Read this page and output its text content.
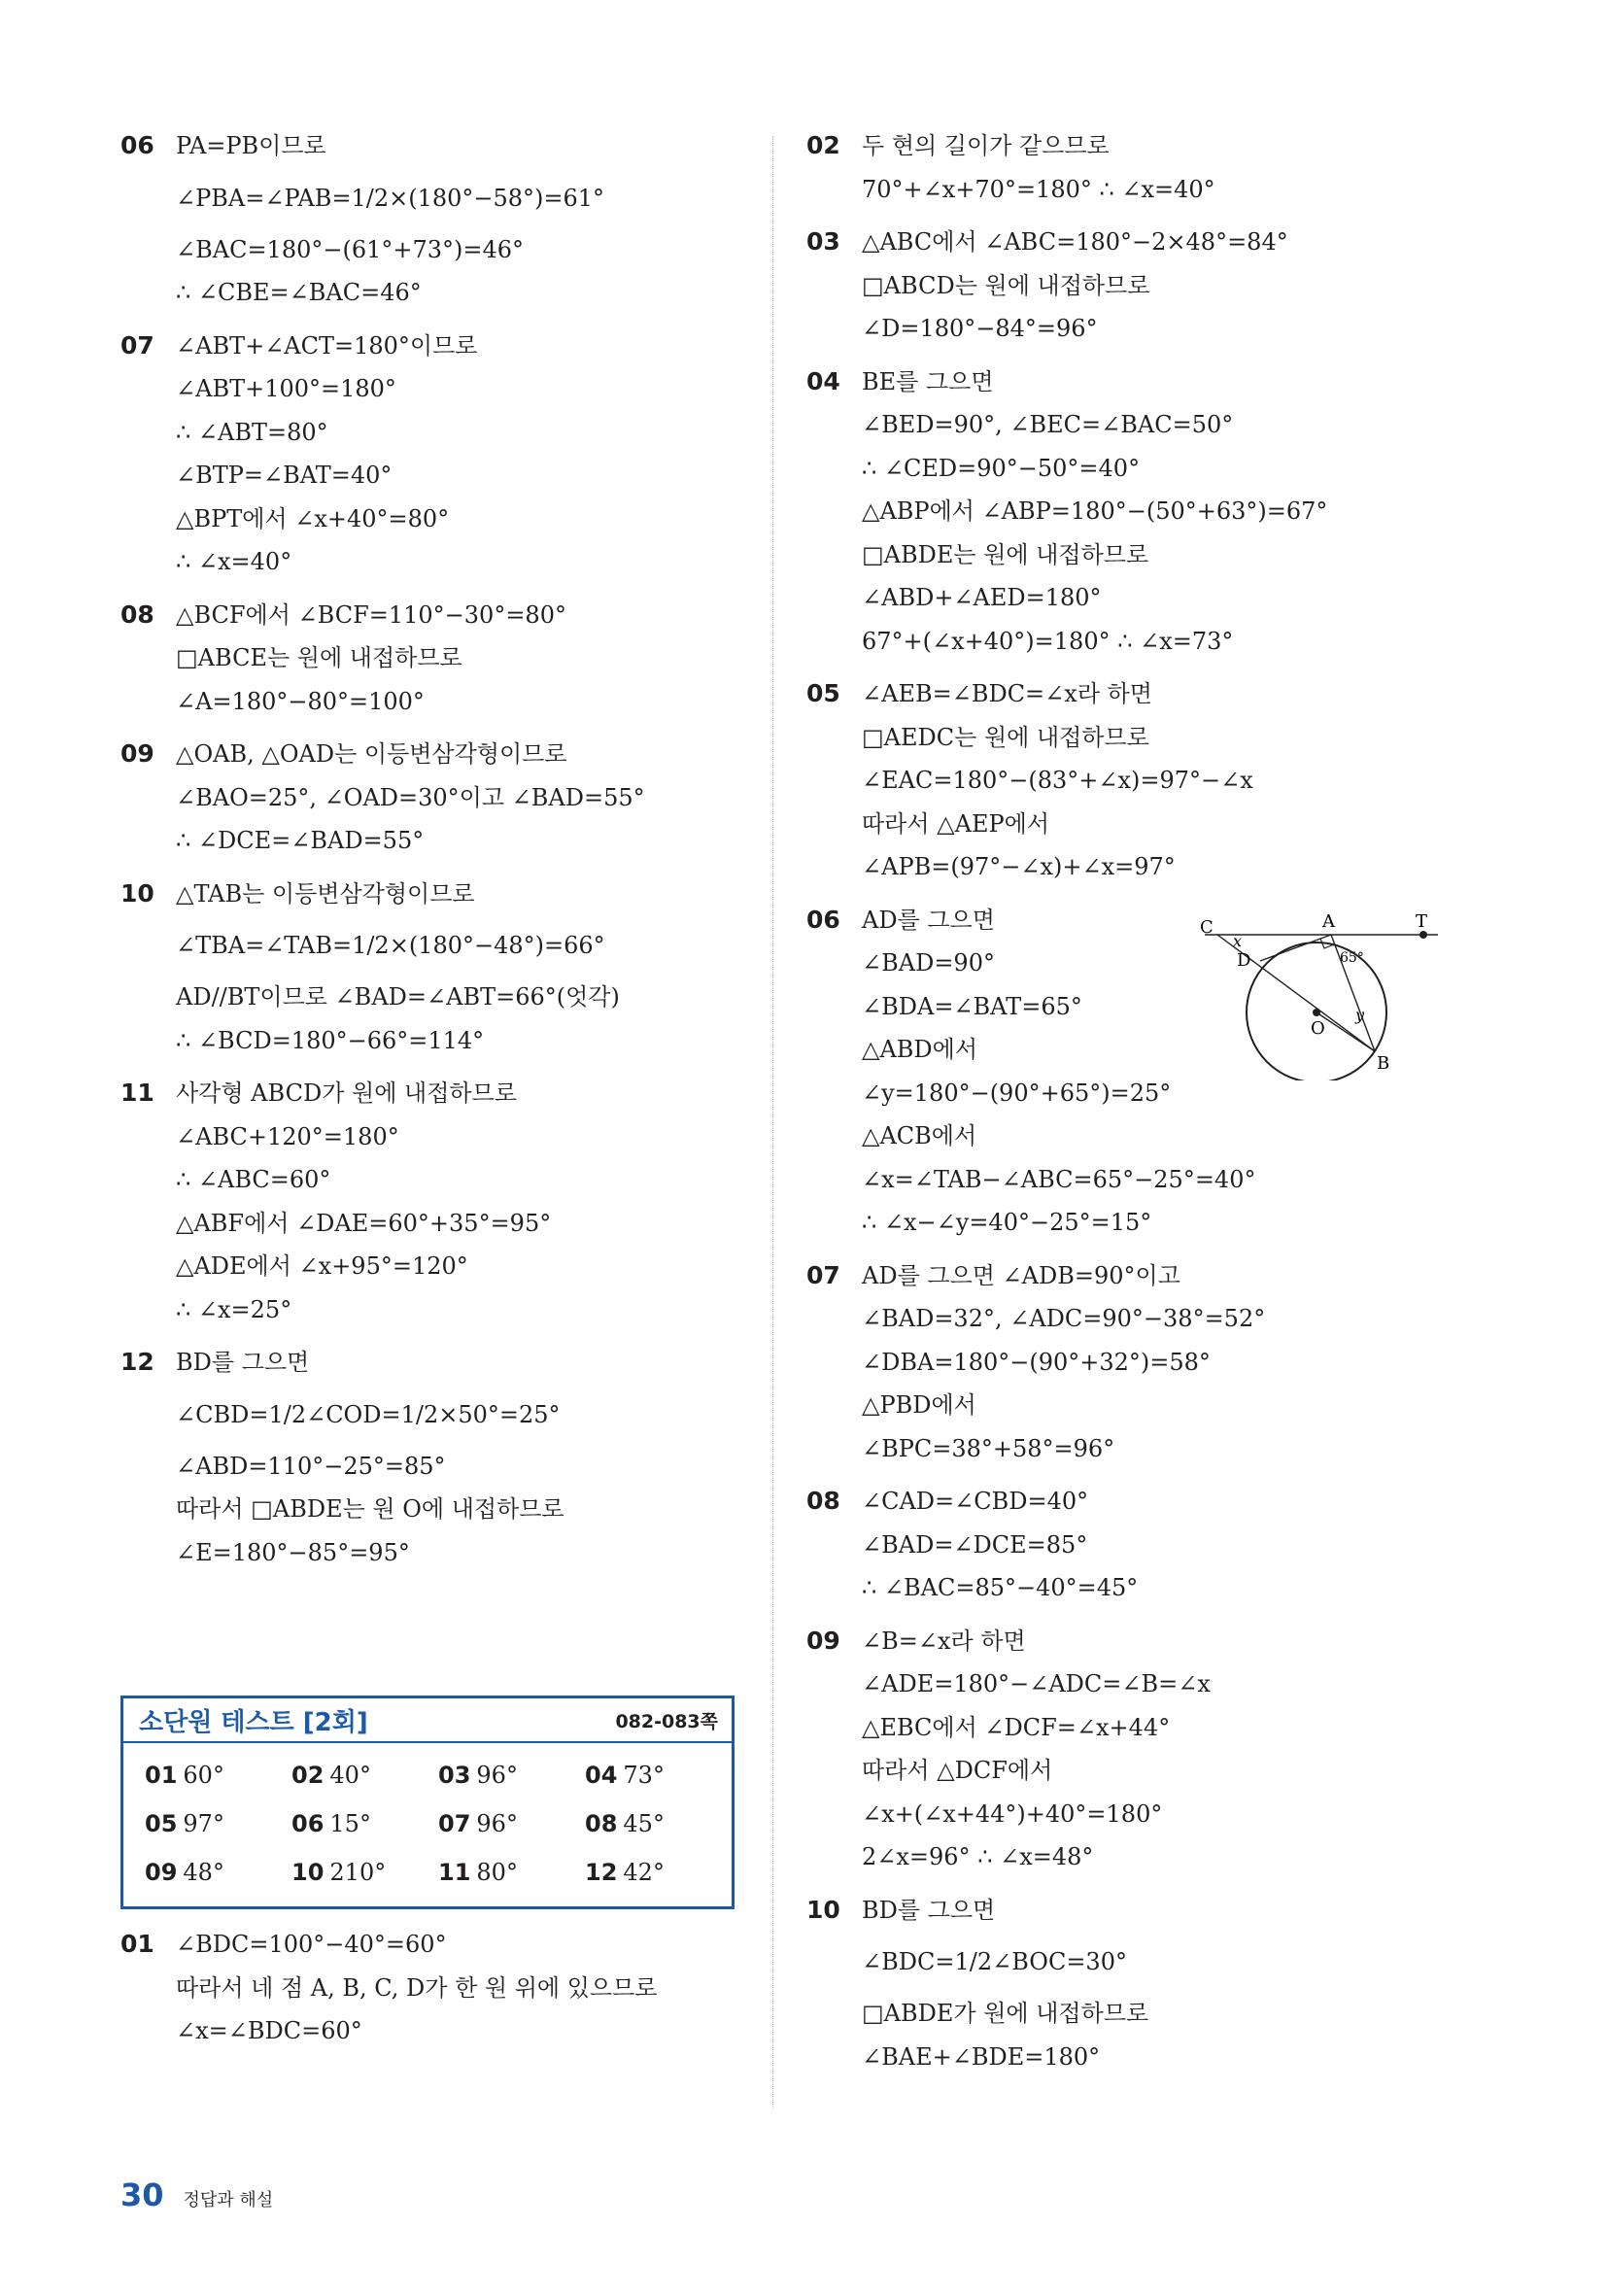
06 PA=PB이므로
∠PBA=∠PAB=1/2×(180°−58°)=61°
∠BAC=180°−(61°+73°)=46°
∴ ∠CBE=∠BAC=46°
07 ∠ABT+∠ACT=180°이므로
∠ABT+100°=180°
∴ ∠ABT=80°
∠BTP=∠BAT=40°
△BPT에서 ∠x+40°=80°
∴ ∠x=40°
08 △BCF에서 ∠BCF=110°−30°=80°
□ABCE는 원에 내접하므로
∠A=180°−80°=100°
09 △OAB, △OAD는 이등변삼각형이므로
∠BAO=25°, ∠OAD=30°이고 ∠BAD=55°
∴ ∠DCE=∠BAD=55°
10 △TAB는 이등변삼각형이므로
∠TBA=∠TAB=1/2×(180°−48°)=66°
AD//BT이므로 ∠BAD=∠ABT=66°(엇각)
∴ ∠BCD=180°−66°=114°
11 사각형 ABCD가 원에 내접하므로
∠ABC+120°=180°
∴ ∠ABC=60°
△ABF에서 ∠DAE=60°+35°=95°
△ADE에서 ∠x+95°=120°
∴ ∠x=25°
12 BD를 그으면
∠CBD=1/2∠COD=1/2×50°=25°
∠ABD=110°−25°=85°
따라서 □ABDE는 원 O에 내접하므로
∠E=180°−85°=95°
소단원 테스트 [2회]	082-083쪽
01 60°	02 40°	03 96°	04 73°
05 97°	06 15°	07 96°	08 45°
09 48°	10 210°	11 80°	12 42°
01 ∠BDC=100°−40°=60°
따라서 네 점 A, B, C, D가 한 원 위에 있으므로
∠x=∠BDC=60°
02 두 현의 길이가 같으므로
70°+∠x+70°=180° ∴ ∠x=40°
03 △ABC에서 ∠ABC=180°−2×48°=84°
□ABCD는 원에 내접하므로
∠D=180°−84°=96°
04 BE를 그으면
∠BED=90°, ∠BEC=∠BAC=50°
∴ ∠CED=90°−50°=40°
△ABP에서 ∠ABP=180°−(50°+63°)=67°
□ABDE는 원에 내접하므로
∠ABD+∠AED=180°
67°+(∠x+40°)=180° ∴ ∠x=73°
05 ∠AEB=∠BDC=∠x라 하면
□AEDC는 원에 내접하므로
∠EAC=180°−(83°+∠x)=97°−∠x
따라서 △AEP에서
∠APB=(97°−∠x)+∠x=97°
06 AD를 그으면
∠BAD=90°
∠BDA=∠BAT=65°
△ABD에서
∠y=180°−(90°+65°)=25°
△ACB에서
∠x=∠TAB−∠ABC=65°−25°=40°
∴ ∠x−∠y=40°−25°=15°
07 AD를 그으면 ∠ADB=90°이고
∠BAD=32°, ∠ADC=90°−38°=52°
∠DBA=180°−(90°+32°)=58°
△PBD에서
∠BPC=38°+58°=96°
08 ∠CAD=∠CBD=40°
∠BAD=∠DCE=85°
∴ ∠BAC=85°−40°=45°
09 ∠B=∠x라 하면
∠ADE=180°−∠ADC=∠B=∠x
△EBC에서 ∠DCF=∠x+44°
따라서 △DCF에서
∠x+(∠x+44°)+40°=180°
2∠x=96° ∴ ∠x=48°
10 BD를 그으면
∠BDC=1/2∠BOC=30°
□ABDE가 원에 내접하므로
∠BAE+∠BDE=180°
C	A	T
D
O
B
x
y
65°
30 정답과 해설
